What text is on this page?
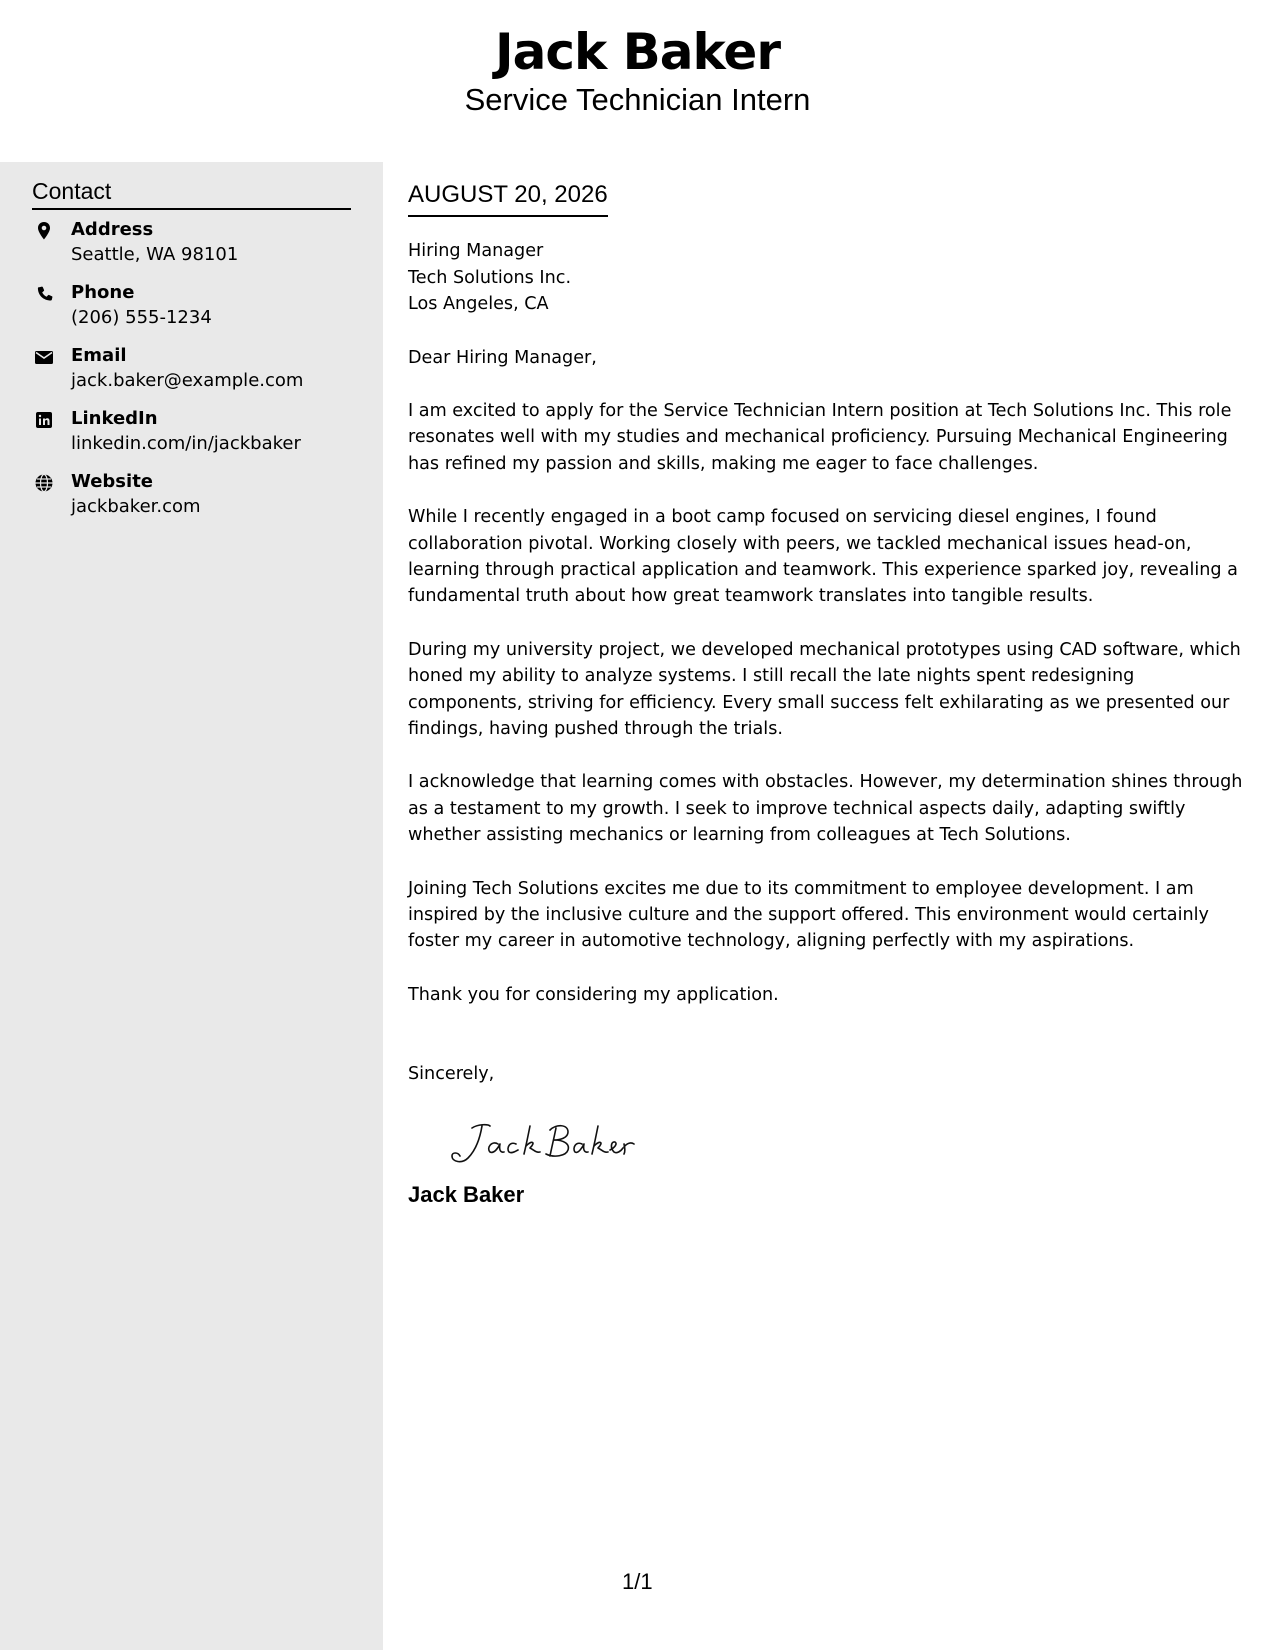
Jack Baker
Service Technician Intern
Contact
Address
Seattle, WA 98101
Phone
(206) 555-1234
Email
jack.baker@example.com
LinkedIn
linkedin.com/in/jackbaker
Website
jackbaker.com
AUGUST 20, 2026
Hiring Manager
Tech Solutions Inc.
Los Angeles, CA
Dear Hiring Manager,

I am excited to apply for the Service Technician Intern position at Tech Solutions Inc. This role resonates well with my studies and mechanical proficiency. Pursuing Mechanical Engineering has refined my passion and skills, making me eager to face challenges.

While I recently engaged in a boot camp focused on servicing diesel engines, I found collaboration pivotal. Working closely with peers, we tackled mechanical issues head-on, learning through practical application and teamwork. This experience sparked joy, revealing a fundamental truth about how great teamwork translates into tangible results.

During my university project, we developed mechanical prototypes using CAD software, which honed my ability to analyze systems. I still recall the late nights spent redesigning components, striving for efficiency. Every small success felt exhilarating as we presented our findings, having pushed through the trials.

I acknowledge that learning comes with obstacles. However, my determination shines through as a testament to my growth. I seek to improve technical aspects daily, adapting swiftly whether assisting mechanics or learning from colleagues at Tech Solutions.

Joining Tech Solutions excites me due to its commitment to employee development. I am inspired by the inclusive culture and the support offered. This environment would certainly foster my career in automotive technology, aligning perfectly with my aspirations.

Thank you for considering my application.

Sincerely,
Jack Baker
1/1
